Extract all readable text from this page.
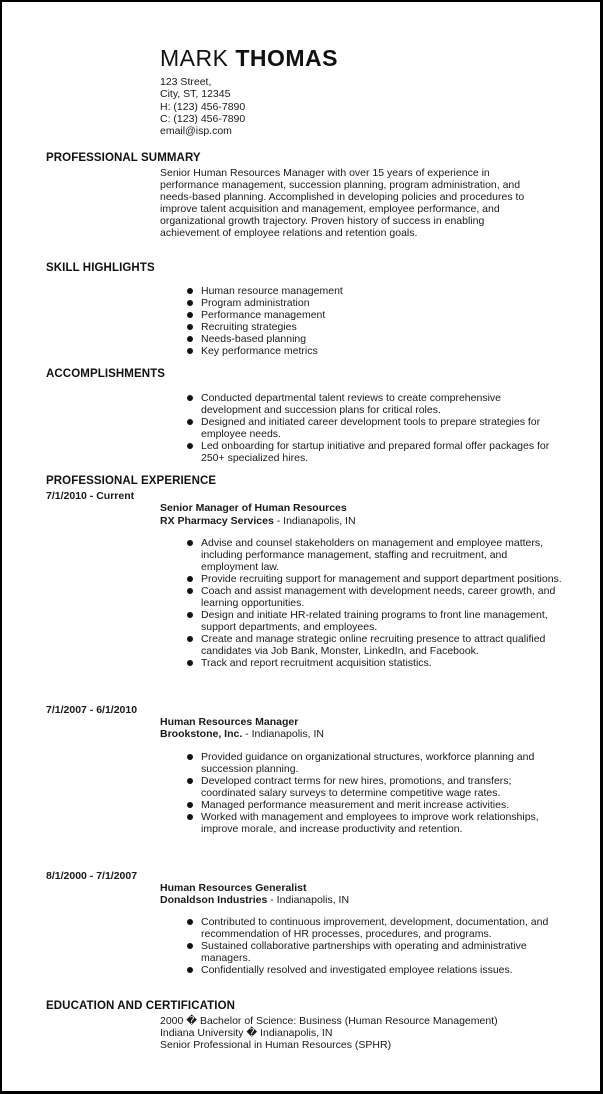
MARK THOMAS
123 Street,
City, ST, 12345
H: (123) 456-7890
C: (123) 456-7890
email@isp.com
PROFESSIONAL SUMMARY
Senior Human Resources Manager with over 15 years of experience in performance management, succession planning, program administration, and needs-based planning. Accomplished in developing policies and procedures to improve talent acquisition and management, employee performance, and organizational growth trajectory. Proven history of success in enabling achievement of employee relations and retention goals.
SKILL HIGHLIGHTS
Human resource management
Program administration
Performance management
Recruiting strategies
Needs-based planning
Key performance metrics
ACCOMPLISHMENTS
Conducted departmental talent reviews to create comprehensive development and succession plans for critical roles.
Designed and initiated career development tools to prepare strategies for employee needs.
Led onboarding for startup initiative and prepared formal offer packages for 250+ specialized hires.
PROFESSIONAL EXPERIENCE
7/1/2010 - Current
Senior Manager of Human Resources
RX Pharmacy Services - Indianapolis, IN
Advise and counsel stakeholders on management and employee matters, including performance management, staffing and recruitment, and employment law.
Provide recruiting support for management and support department positions.
Coach and assist management with development needs, career growth, and learning opportunities.
Design and initiate HR-related training programs to front line management, support departments, and employees.
Create and manage strategic online recruiting presence to attract qualified candidates via Job Bank, Monster, LinkedIn, and Facebook.
Track and report recruitment acquisition statistics.
7/1/2007 - 6/1/2010
Human Resources Manager
Brookstone, Inc. - Indianapolis, IN
Provided guidance on organizational structures, workforce planning and succession planning.
Developed contract terms for new hires, promotions, and transfers; coordinated salary surveys to determine competitive wage rates.
Managed performance measurement and merit increase activities.
Worked with management and employees to improve work relationships, improve morale, and increase productivity and retention.
8/1/2000 - 7/1/2007
Human Resources Generalist
Donaldson Industries - Indianapolis, IN
Contributed to continuous improvement, development, documentation, and recommendation of HR processes, procedures, and programs.
Sustained collaborative partnerships with operating and administrative managers.
Confidentially resolved and investigated employee relations issues.
EDUCATION AND CERTIFICATION
2000 � Bachelor of Science: Business (Human Resource Management)
Indiana University � Indianapolis, IN
Senior Professional in Human Resources (SPHR)
